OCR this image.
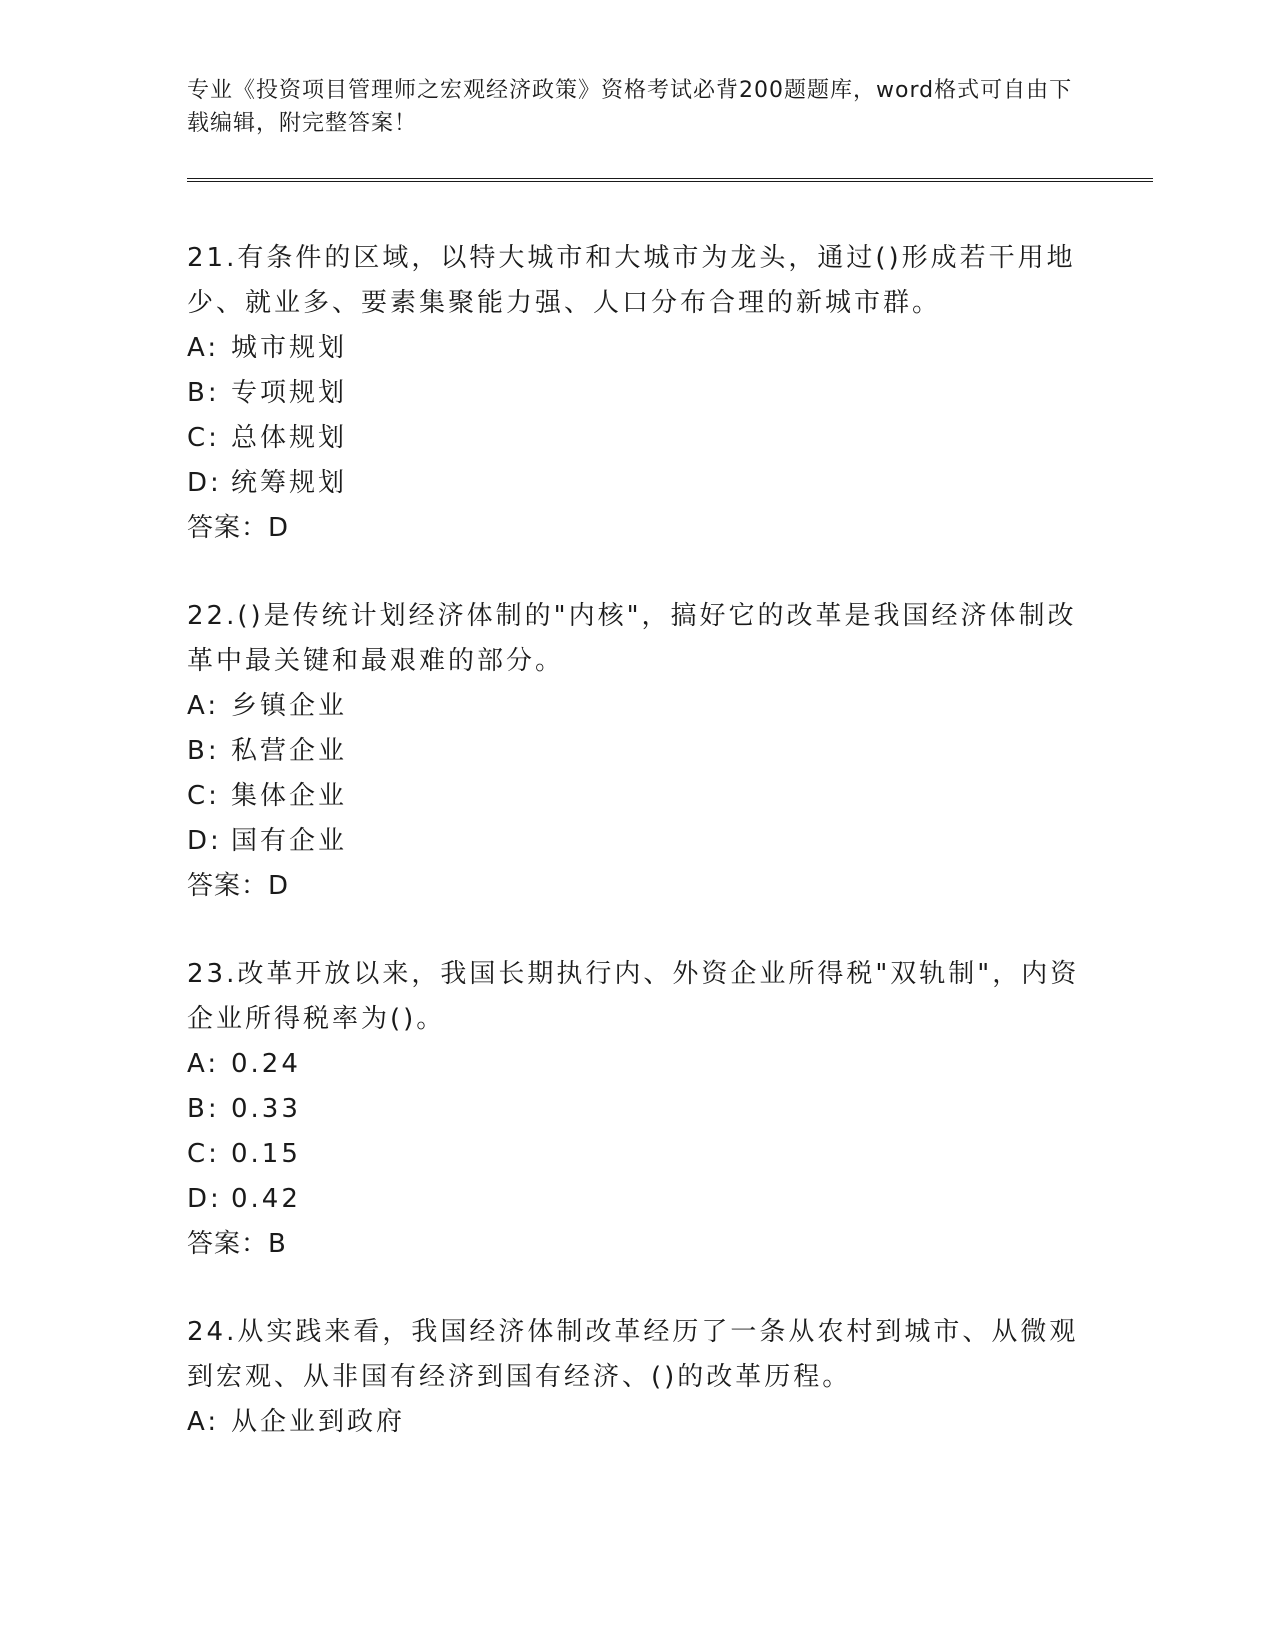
专业《投资项目管理师之宏观经济政策》资格考试必背200题题库，word格式可自由下载编辑，附完整答案！

21.有条件的区域，以特大城市和大城市为龙头，通过()形成若干用地少、就业多、要素集聚能力强、人口分布合理的新城市群。

A: 城市规划

B: 专项规划

C: 总体规划

D: 统筹规划

答案：D

22.()是传统计划经济体制的"内核"，搞好它的改革是我国经济体制改革中最关键和最艰难的部分。

A: 乡镇企业

B: 私营企业

C: 集体企业

D: 国有企业

答案：D

23.改革开放以来，我国长期执行内、外资企业所得税"双轨制"，内资企业所得税率为()。

A: 0.24

B: 0.33

C: 0.15

D: 0.42

答案：B

24.从实践来看，我国经济体制改革经历了一条从农村到城市、从微观到宏观、从非国有经济到国有经济、()的改革历程。

A: 从企业到政府
